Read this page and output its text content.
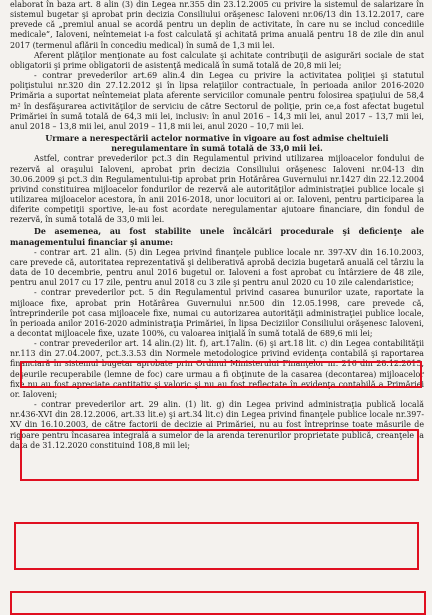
elaborat în baza art. 8 alin (3) din Legea nr.355 din 23.12.2005 cu privire la sistemul de salarizare în sistemul bugetar şi aprobat prin decizia Consiliului orăşenesc Ialoveni nr.06/13 din 13.12.2017, care prevede că „premiul anual se acordă pentru un deplin de activitate, în care nu se includ concediile medicale”, Ialoveni, neîntemeiat i-a fost calculată şi achitată prima anuală pentru 18 de zile din anul 2017 (termenul aflării în concediu medical) în sumă de 1,3 mii lei.

Aferent plăţilor menţionate au fost calculate şi achitate contribuţii de asigurări sociale de stat obligatorii şi prime obligatorii de asistenţă medicală în sumă totală de 20,8 mii lei;

- contrar prevederilor art.69 alin.4 din Legea cu privire la activitatea poliţiei şi statutul poliţistului nr.320 din 27.12.2012 şi în lipsa relaţiilor contractuale, în perioada anilor 2016-2020 Primăria a suportat neîntemeiat plata aferente serviciilor comunale pentru folosirea spaţiului de 58,4 m² în desfăşurarea activităţilor de serviciu de către Sectorul de poliţie, prin ce,a fost afectat bugetul Primăriei în sumă totală de 64,3 mii lei, inclusiv: în anul 2016 – 14,3 mii lei, anul 2017 – 13,7 mii lei, anul 2018 – 13,8 mii lei, anul 2019 – 11,8 mii lei, anul 2020 – 10,7 mii lei.

Urmare a nerespectării actelor normative în vigoare au fost admise cheltuieli neregulamentare în sumă totală de 33,0 mii lei.

Astfel, contrar prevederilor pct.3 din Regulamentul privind utilizarea mijloacelor fondului de rezervă al oraşului Ialoveni, aprobat prin decizia Consiliului orăşenesc Ialoveni nr.04-13 din 30.06.2009 şi pct.3 din Regulamentului-tip aprobat prin Hotărârea Guvernului nr.1427 din 22.12.2004 privind constituirea mijloacelor fondurilor de rezervă ale autorităţilor administraţiei publice locale şi utilizarea mijloacelor acestora, în anii 2016-2018, unor locuitori ai or. Ialoveni, pentru participarea la diferite competiţii sportive, le-au fost acordate neregulamentar ajutoare financiare, din fondul de rezervă, în sumă totală de 33,0 mii lei.

De asemenea, au fost stabilite unele încălcări procedurale şi deficienţe ale managementului financiar şi anume:

- contrar art. 21 alin. (5) din Legea privind finanţele publice locale nr. 397-XV din 16.10.2003, care prevede că, autoritatea reprezentativă şi deliberativă aprobă decizia bugetară anuală cel târziu la data de 10 decembrie, pentru anul 2016 bugetul or. Ialoveni a fost aprobat cu întârziere de 48 zile, pentru anul 2017 cu 17 zile, pentru anul 2018 cu 3 zile şi pentru anul 2020 cu 10 zile calendaristice;

- contrar prevederilor pct. 5 din Regulamentul privind casarea bunurilor uzate, raportate la mijloace fixe, aprobat prin Hotărârea Guvernului nr.500 din 12.05.1998, care prevede că, întreprinderile pot casa mijloacele fixe, numai cu autorizarea autorităţii administraţiei publice locale, în perioada anilor 2016-2020 administraţia Primăriei, în lipsa Deciziilor Consiliului orăşenesc Ialoveni, a decontat mijloacele fixe, uzate 100%, cu valoarea iniţială în sumă totală de 689,6 mii lei;

- contrar prevederilor art. 14 alin.(2) lit. f), art.17alin. (6) şi art.18 lit. c) din Legea contabilităţii nr.113 din 27.04.2007, pct.3.3.53 din Normele metodologice privind evidenţa contabilă şi raportarea financiară în sistemul bugetar aprobate prin Ordinul Ministerului Finanţelor nr. 216 din 28.12.2015, deşeurile recuperabile (lemne de foc) care urmau a fi obţinute de la casarea (decontarea) mijloacelor fixe nu au fost apreciate cantitativ şi valoric şi nu au fost reflectate în evidenţa contabilă a Primăriei or. Ialoveni;

- contrar prevederilor art. 29 alin. (1) lit. g) din Legea privind administraţia publică locală nr.436-XVI din 28.12.2006, art.33 lit.e) şi art.34 lit.c) din Legea privind finanţele publice locale nr.397-XV din 16.10.2003, de către factorii de decizie ai Primăriei, nu au fost întreprinse toate măsurile de rigoare pentru încasarea integrală a sumelor de la arenda terenurilor proprietate publică, creanţele la data de 31.12.2020 constituind 108,8 mii lei;
